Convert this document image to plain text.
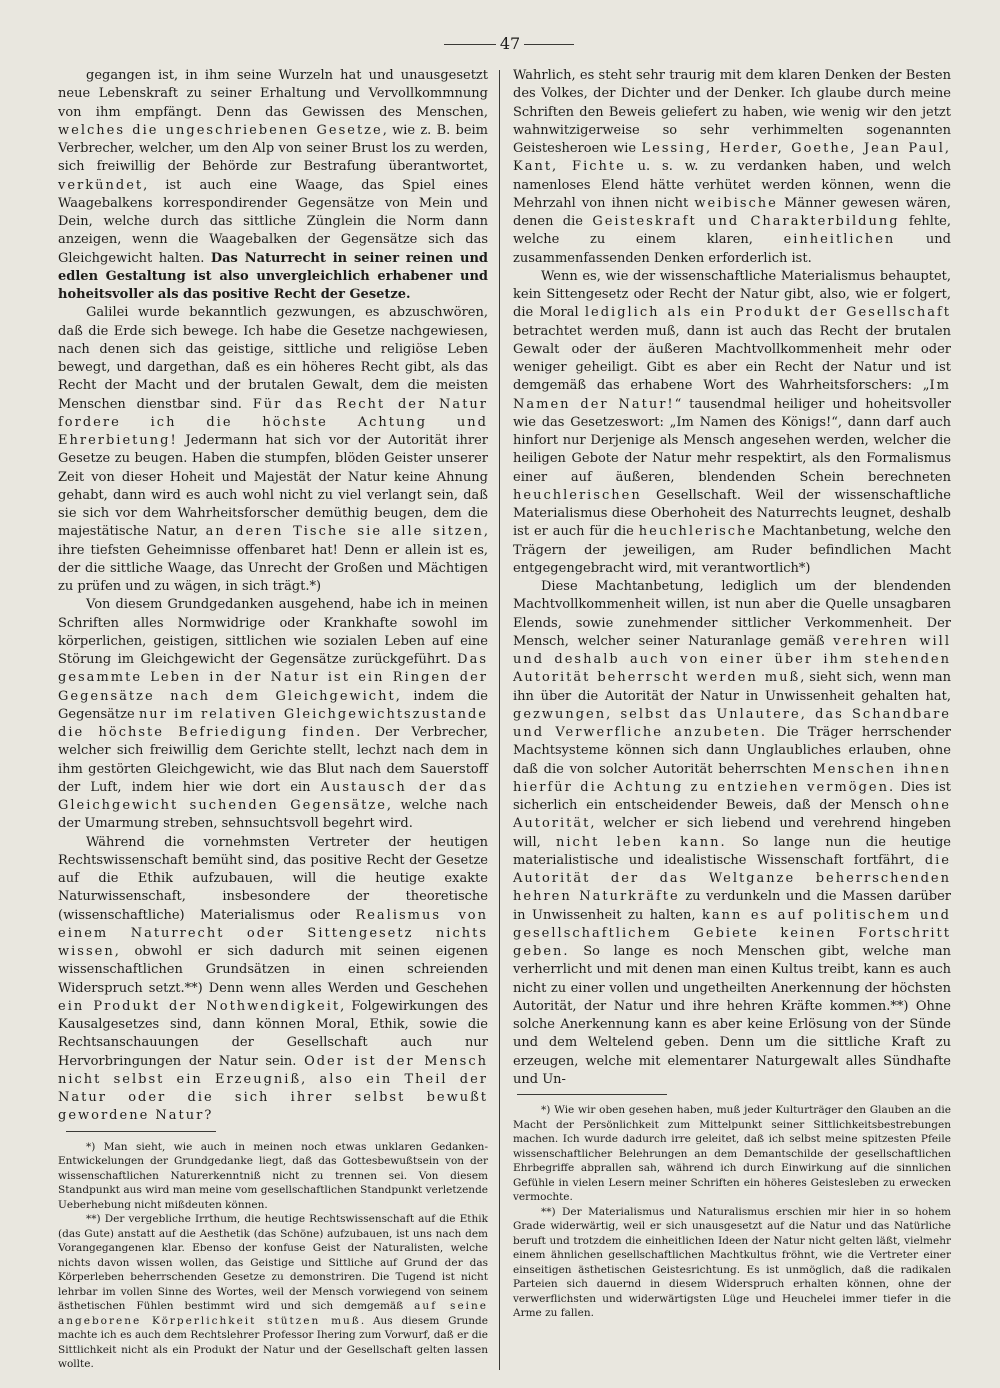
47

gegangen ist, in ihm seine Wurzeln hat und unausgesetzt neue Lebenskraft zu seiner Erhaltung und Vervollkommnung von ihm empfängt. Denn das Gewissen des Menschen, welches die ungeschriebenen Gesetze, wie z. B. beim Verbrecher, welcher, um den Alp von seiner Brust los zu werden, sich freiwillig der Behörde zur Bestrafung überantwortet, verkündet, ist auch eine Waage, das Spiel eines Waagebalkens korrespondirender Gegensätze von Mein und Dein, welche durch das sittliche Zünglein die Norm dann anzeigen, wenn die Waagebalken der Gegensätze sich das Gleichgewicht halten. Das Naturrecht in seiner reinen und edlen Gestaltung ist also unvergleichlich erhabener und hoheitsvoller als das positive Recht der Gesetze.

Galilei wurde bekanntlich gezwungen, es abzuschwören, daß die Erde sich bewege. Ich habe die Gesetze nachgewiesen, nach denen sich das geistige, sittliche und religiöse Leben bewegt, und dargethan, daß es ein höheres Recht gibt, als das Recht der Macht und der brutalen Gewalt, dem die meisten Menschen dienstbar sind. Für das Recht der Natur fordere ich die höchste Achtung und Ehrerbietung! Jedermann hat sich vor der Autorität ihrer Gesetze zu beugen. Haben die stumpfen, blöden Geister unserer Zeit von dieser Hoheit und Majestät der Natur keine Ahnung gehabt, dann wird es auch wohl nicht zu viel verlangt sein, daß sie sich vor dem Wahrheitsforscher demüthig beugen, dem die majestätische Natur, an deren Tische sie alle sitzen, ihre tiefsten Geheimnisse offenbaret hat! Denn er allein ist es, der die sittliche Waage, das Unrecht der Großen und Mächtigen zu prüfen und zu wägen, in sich trägt.*)

Von diesem Grundgedanken ausgehend, habe ich in meinen Schriften alles Normwidrige oder Krankhafte sowohl im körperlichen, geistigen, sittlichen wie sozialen Leben auf eine Störung im Gleichgewicht der Gegensätze zurückgeführt. Das gesammte Leben in der Natur ist ein Ringen der Gegensätze nach dem Gleichgewicht, indem die Gegensätze nur im relativen Gleichgewichtszustande die höchste Befriedigung finden. Der Verbrecher, welcher sich freiwillig dem Gerichte stellt, lechzt nach dem in ihm gestörten Gleichgewicht, wie das Blut nach dem Sauerstoff der Luft, indem hier wie dort ein Austausch der das Gleichgewicht suchenden Gegensätze, welche nach der Umarmung streben, sehnsuchtsvoll begehrt wird.

Während die vornehmsten Vertreter der heutigen Rechtswissenschaft bemüht sind, das positive Recht der Gesetze auf die Ethik aufzubauen, will die heutige exakte Naturwissenschaft, insbesondere der theoretische (wissenschaftliche) Materialismus oder Realismus von einem Naturrecht oder Sittengesetz nichts wissen, obwohl er sich dadurch mit seinen eigenen wissenschaftlichen Grundsätzen in einen schreienden Widerspruch setzt.**) Denn wenn alles Werden und Geschehen ein Produkt der Nothwendigkeit, Folgewirkungen des Kausalgesetzes sind, dann können Moral, Ethik, sowie die Rechtsanschauungen der Gesellschaft auch nur Hervorbringungen der Natur sein. Oder ist der Mensch nicht selbst ein Erzeugniß, also ein Theil der Natur oder die sich ihrer selbst bewußt gewordene Natur?

*) Man sieht, wie auch in meinen noch etwas unklaren Gedanken-Entwickelungen der Grundgedanke liegt, daß das Gottesbewußtsein von der wissenschaftlichen Naturerkenntniß nicht zu trennen sei. Von diesem Standpunkt aus wird man meine vom gesellschaftlichen Standpunkt verletzende Ueberhebung nicht mißdeuten können.

**) Der vergebliche Irrthum, die heutige Rechtswissenschaft auf die Ethik (das Gute) anstatt auf die Aesthetik (das Schöne) aufzubauen, ist uns nach dem Vorangegangenen klar. Ebenso der konfuse Geist der Naturalisten, welche nichts davon wissen wollen, das Geistige und Sittliche auf Grund der das Körperleben beherrschenden Gesetze zu demonstriren. Die Tugend ist nicht lehrbar im vollen Sinne des Wortes, weil der Mensch vorwiegend von seinem ästhetischen Fühlen bestimmt wird und sich demgemäß auf seine angeborene Körperlichkeit stützen muß. Aus diesem Grunde machte ich es auch dem Rechtslehrer Professor Ihering zum Vorwurf, daß er die Sittlichkeit nicht als ein Produkt der Natur und der Gesellschaft gelten lassen wollte.

Wahrlich, es steht sehr traurig mit dem klaren Denken der Besten des Volkes, der Dichter und der Denker. Ich glaube durch meine Schriften den Beweis geliefert zu haben, wie wenig wir den jetzt wahnwitzigerweise so sehr verhimmelten sogenannten Geistesheroen wie Lessing, Herder, Goethe, Jean Paul, Kant, Fichte u. s. w. zu verdanken haben, und welch namenloses Elend hätte verhütet werden können, wenn die Mehrzahl von ihnen nicht weibische Männer gewesen wären, denen die Geisteskraft und Charakterbildung fehlte, welche zu einem klaren, einheitlichen und zusammenfassenden Denken erforderlich ist.

Wenn es, wie der wissenschaftliche Materialismus behauptet, kein Sittengesetz oder Recht der Natur gibt, also, wie er folgert, die Moral lediglich als ein Produkt der Gesellschaft betrachtet werden muß, dann ist auch das Recht der brutalen Gewalt oder der äußeren Machtvollkommenheit mehr oder weniger geheiligt. Gibt es aber ein Recht der Natur und ist demgemäß das erhabene Wort des Wahrheitsforschers: „Im Namen der Natur!“ tausendmal heiliger und hoheitsvoller wie das Gesetzeswort: „Im Namen des Königs!“, dann darf auch hinfort nur Derjenige als Mensch angesehen werden, welcher die heiligen Gebote der Natur mehr respektirt, als den Formalismus einer auf äußeren, blendenden Schein berechneten heuchlerischen Gesellschaft. Weil der wissenschaftliche Materialismus diese Oberhoheit des Naturrechts leugnet, deshalb ist er auch für die heuchlerische Machtanbetung, welche den Trägern der jeweiligen, am Ruder befindlichen Macht entgegengebracht wird, mit verantwortlich*)

Diese Machtanbetung, lediglich um der blendenden Machtvollkommenheit willen, ist nun aber die Quelle unsagbaren Elends, sowie zunehmender sittlicher Verkommenheit. Der Mensch, welcher seiner Naturanlage gemäß verehren will und deshalb auch von einer über ihm stehenden Autorität beherrscht werden muß, sieht sich, wenn man ihn über die Autorität der Natur in Unwissenheit gehalten hat, gezwungen, selbst das Unlautere, das Schandbare und Verwerfliche anzubeten. Die Träger herrschender Machtsysteme können sich dann Unglaubliches erlauben, ohne daß die von solcher Autorität beherrschten Menschen ihnen hierfür die Achtung zu entziehen vermögen. Dies ist sicherlich ein entscheidender Beweis, daß der Mensch ohne Autorität, welcher er sich liebend und verehrend hingeben will, nicht leben kann. So lange nun die heutige materialistische und idealistische Wissenschaft fortfährt, die Autorität der das Weltganze beherrschenden hehren Naturkräfte zu verdunkeln und die Massen darüber in Unwissenheit zu halten, kann es auf politischem und gesellschaftlichem Gebiete keinen Fortschritt geben. So lange es noch Menschen gibt, welche man verherrlicht und mit denen man einen Kultus treibt, kann es auch nicht zu einer vollen und ungetheilten Anerkennung der höchsten Autorität, der Natur und ihre hehren Kräfte kommen.**) Ohne solche Anerkennung kann es aber keine Erlösung von der Sünde und dem Weltelend geben. Denn um die sittliche Kraft zu erzeugen, welche mit elementarer Naturgewalt alles Sündhafte und Un-

*) Wie wir oben gesehen haben, muß jeder Kulturträger den Glauben an die Macht der Persönlichkeit zum Mittelpunkt seiner Sittlichkeitsbestrebungen machen. Ich wurde dadurch irre geleitet, daß ich selbst meine spitzesten Pfeile wissenschaftlicher Belehrungen an dem Demantschilde der gesellschaftlichen Ehrbegriffe abprallen sah, während ich durch Einwirkung auf die sinnlichen Gefühle in vielen Lesern meiner Schriften ein höheres Geistesleben zu erwecken vermochte.

**) Der Materialismus und Naturalismus erschien mir hier in so hohem Grade widerwärtig, weil er sich unausgesetzt auf die Natur und das Natürliche beruft und trotzdem die einheitlichen Ideen der Natur nicht gelten läßt, vielmehr einem ähnlichen gesellschaftlichen Machtkultus fröhnt, wie die Vertreter einer einseitigen ästhetischen Geistesrichtung. Es ist unmöglich, daß die radikalen Parteien sich dauernd in diesem Widerspruch erhalten können, ohne der verwerflichsten und widerwärtigsten Lüge und Heuchelei immer tiefer in die Arme zu fallen.
